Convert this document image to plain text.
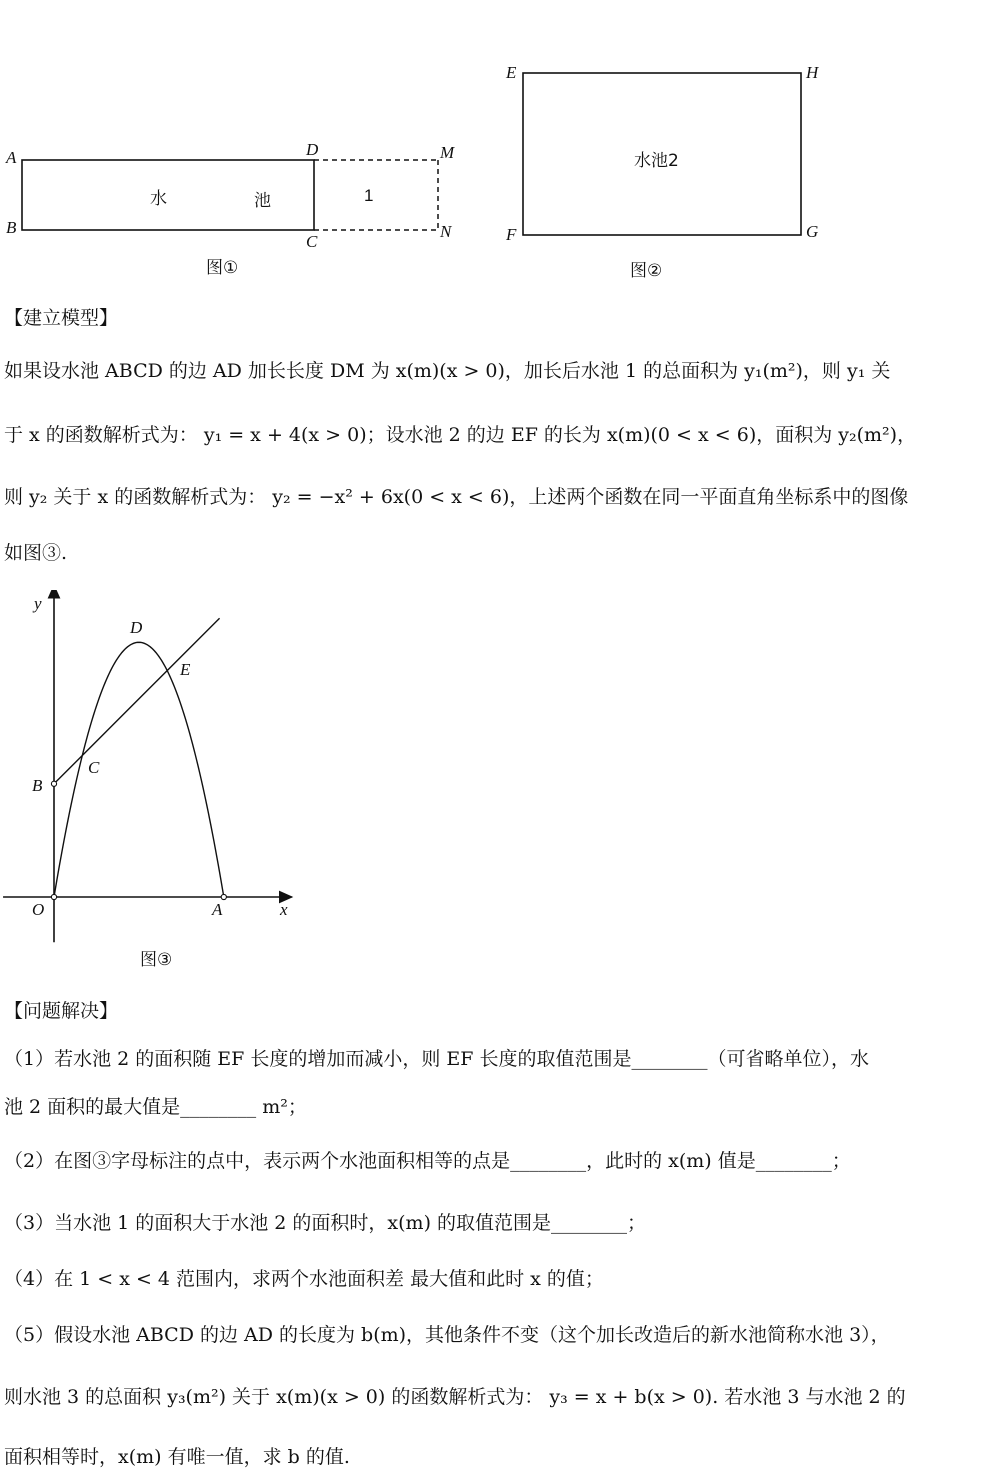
A
B
D
C
M
N
水	池	1
图①
E	H
F	G
水池2
图②
【建立模型】
如果设水池 ABCD 的边 AD 加长长度 DM 为 x(m)(x > 0)，加长后水池 1 的总面积为 y₁(m²)，则 y₁ 关
于 x 的函数解析式为： y₁ = x + 4(x > 0)；设水池 2 的边 EF 的长为 x(m)(0 < x < 6)，面积为 y₂(m²)，
则 y₂ 关于 x 的函数解析式为： y₂ = −x² + 6x(0 < x < 6)，上述两个函数在同一平面直角坐标系中的图像
如图③.
x
y
O	A
B
C
D
E
图③
【问题解决】
（1）若水池 2 的面积随 EF 长度的增加而减小，则 EF 长度的取值范围是________（可省略单位），水
池 2 面积的最大值是________ m²；
（2）在图③字母标注的点中，表示两个水池面积相等的点是________，此时的 x(m) 值是________；
（3）当水池 1 的面积大于水池 2 的面积时，x(m) 的取值范围是________；
（4）在 1 < x < 4 范围内，求两个水池面积差 最大值和此时 x 的值；
（5）假设水池 ABCD 的边 AD 的长度为 b(m)，其他条件不变（这个加长改造后的新水池简称水池 3），
则水池 3 的总面积 y₃(m²) 关于 x(m)(x > 0) 的函数解析式为： y₃ = x + b(x > 0). 若水池 3 与水池 2 的
面积相等时，x(m) 有唯一值，求 b 的值.
